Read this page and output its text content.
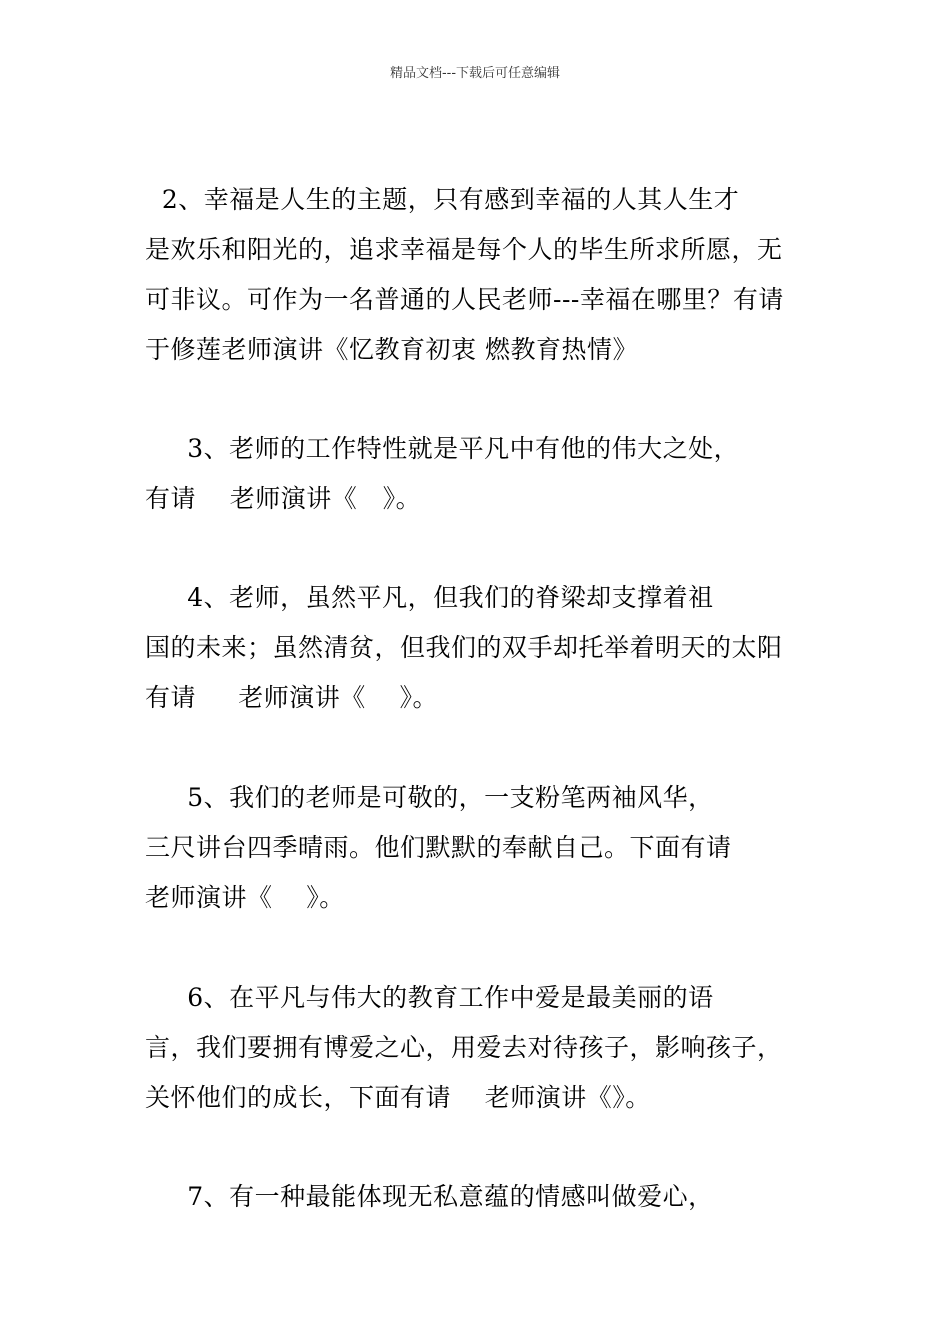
精品文档---下载后可任意编辑
2、幸福是人生的主题，只有感到幸福的人其人生才
是欢乐和阳光的，追求幸福是每个人的毕生所求所愿，无
可非议。可作为一名普通的人民老师---幸福在哪里？有请
于修莲老师演讲《忆教育初衷 燃教育热情》
3、老师的工作特性就是平凡中有他的伟大之处，
有请    老师演讲《   》。
4、老师，虽然平凡，但我们的脊梁却支撑着祖
国的未来；虽然清贫，但我们的双手却托举着明天的太阳
有请     老师演讲《    》。
5、我们的老师是可敬的，一支粉笔两袖风华，
三尺讲台四季晴雨。他们默默的奉献自己。下面有请
老师演讲《    》。
6、在平凡与伟大的教育工作中爱是最美丽的语
言，我们要拥有博爱之心，用爱去对待孩子，影响孩子，
关怀他们的成长，下面有请    老师演讲《》。
7、有一种最能体现无私意蕴的情感叫做爱心，
